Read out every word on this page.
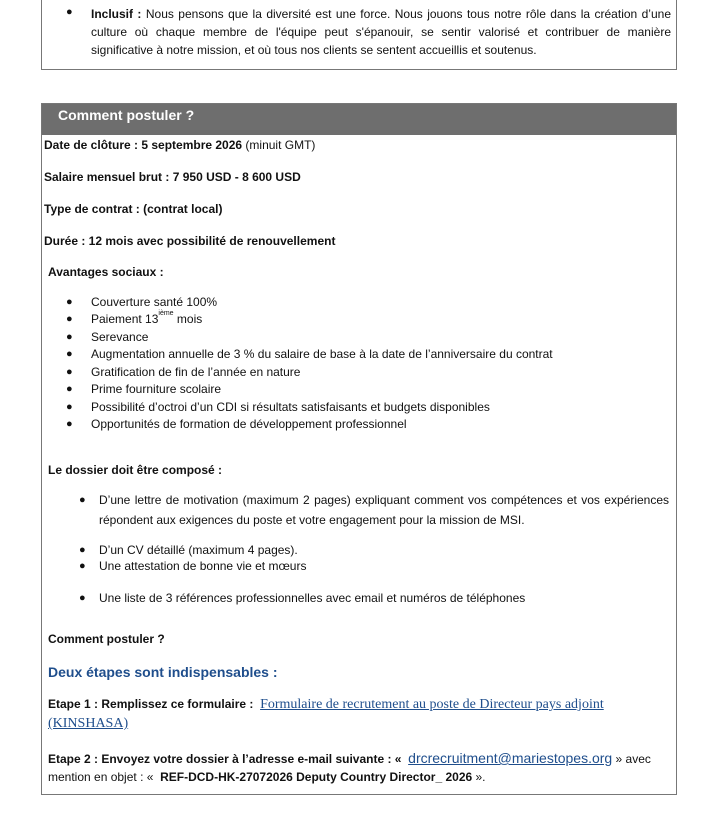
● Inclusif : Nous pensons que la diversité est une force. Nous jouons tous notre rôle dans la création d’une culture où chaque membre de l'équipe peut s'épanouir, se sentir valorisé et contribuer de manière significative à notre mission, et où tous nos clients se sentent accueillis et soutenus.
Comment postuler ?
Date de clôture : 5 septembre 2026 (minuit GMT)
Salaire mensuel brut : 7 950 USD - 8 600 USD
Type de contrat : (contrat local)
Durée : 12 mois avec possibilité de renouvellement
Avantages sociaux :
● Couverture santé 100%
● Paiement 13ième mois
● Serevance
● Augmentation annuelle de 3 % du salaire de base à la date de l’anniversaire du contrat
● Gratification de fin de l’année en nature
● Prime fourniture scolaire
● Possibilité d’octroi d’un CDI si résultats satisfaisants et budgets disponibles
● Opportunités de formation de développement professionnel
Le dossier doit être composé :
● D’une lettre de motivation (maximum 2 pages) expliquant comment vos compétences et vos expériences répondent aux exigences du poste et votre engagement pour la mission de MSI.
● D’un CV détaillé (maximum 4 pages).
● Une attestation de bonne vie et mœurs
● Une liste de 3 références professionnelles avec email et numéros de téléphones
Comment postuler ?
Deux étapes sont indispensables :
Etape 1 : Remplissez ce formulaire : Formulaire de recrutement au poste de Directeur pays adjoint
(KINSHASA)
Etape 2 : Envoyez votre dossier à l’adresse e-mail suivante : « drcrecruitment@mariestopes.org » avec
mention en objet : « REF-DCD-HK-27072026 Deputy Country Director_ 2026 ».
